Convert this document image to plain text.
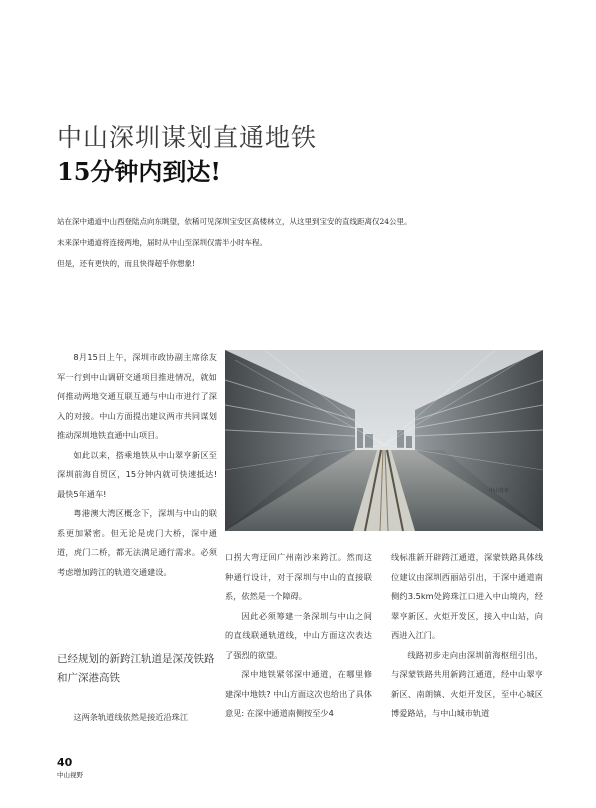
中山深圳谋划直通地铁
15分钟内到达!
站在深中通道中山西登陆点向东眺望，依稀可见深圳宝安区高楼林立，从这里到宝安的直线距离仅24公里。
未来深中通道将连接两地，届时从中山至深圳仅需半小时车程。
但是，还有更快的，而且快得超乎你想象!

8月15日上午，深圳市政协副主席徐友军一行到中山调研交通项目推进情况，就如何推动两地交通互联互通与中山市进行了深入的对接。中山方面提出建议两市共同谋划推动深圳地铁直通中山项目。

如此以来，搭乘地铁从中山翠亨新区至深圳前海自贸区，15分钟内就可快速抵达! 最快5年通车!

粤港澳大湾区概念下，深圳与中山的联系更加紧密。但无论是虎门大桥，深中通道，虎门二桥，都无法满足通行需求。必须考虑增加跨江的轨道交通建设。

已经规划的新跨江轨道是深茂铁路和广深港高铁

这两条轨道线依然是接近沿珠江

中山发布

口拐大弯迂回广州南沙来跨江。然而这种通行设计，对于深圳与中山的直接联系，依然是一个障碍。

因此必须筹建一条深圳与中山之间的直线联通轨道线，中山方面这次表达了强烈的欲望。

深中地铁紧邻深中通道，在哪里修建深中地铁? 中山方面这次也给出了具体意见: 在深中通道南侧按至少4

线标准新开辟跨江通道，深蒙铁路具体线位建议由深圳西丽站引出，于深中通道南侧约3.5km处跨珠江口进入中山境内，经翠亨新区、火炬开发区，接入中山站，向西进入江门。

线路初步走向由深圳前海枢纽引出，与深蒙铁路共用新跨江通道，经中山翠亨新区、南朗镇、火炬开发区，至中心城区博爱路站，与中山城市轨道

40
中山视野
